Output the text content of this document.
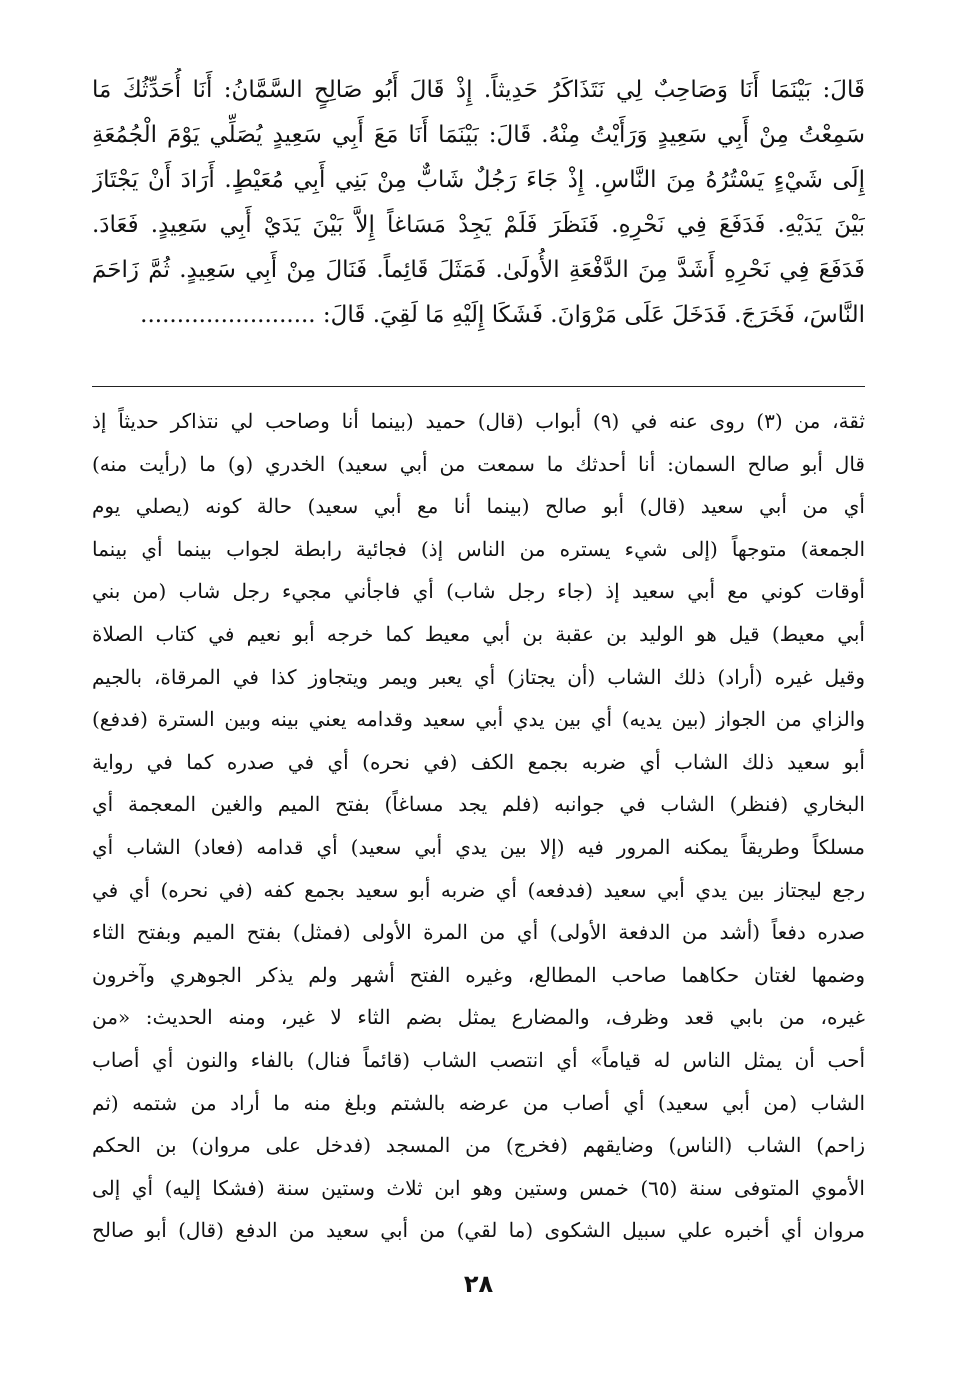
قَالَ: بَيْنَمَا أَنَا وَصَاحِبٌ لِي نَتَذَاكَرُ حَدِيثاً. إِذْ قَالَ أَبُو صَالِحٍ السَّمَّانُ: أَنَا أُحَدِّثُكَ مَا
سَمِعْتُ مِنْ أَبِي سَعِيدٍ وَرَأَيْتُ مِنْهُ. قَالَ: بَيْنَمَا أَنَا مَعَ أَبِي سَعِيدٍ يُصَلِّي يَوْمَ الْجُمُعَةِ
إِلَى شَيْءٍ يَسْتُرُهُ مِنَ النَّاسِ. إِذْ جَاءَ رَجُلٌ شَابٌّ مِنْ بَنِي أَبِي مُعَيْطٍ. أَرَادَ أَنْ يَجْتَازَ
بَيْنَ يَدَيْهِ. فَدَفَعَ فِي نَحْرِهِ. فَنَظَرَ فَلَمْ يَجِدْ مَسَاغاً إِلاَّ بَيْنَ يَدَيْ أَبِي سَعِيدٍ. فَعَادَ.
فَدَفَعَ فِي نَحْرِهِ أَشَدَّ مِنَ الدَّفْعَةِ الأُولَىٰ. فَمَثَلَ قَائِماً. فَنَالَ مِنْ أَبِي سَعِيدٍ. ثُمَّ زَاحَمَ
النَّاسَ، فَخَرَجَ. فَدَخَلَ عَلَى مَرْوَانَ. فَشَكَا إِلَيْهِ مَا لَقِيَ. قَالَ: ........................
ثقة، من (٣) روى عنه في (٩) أبواب (قال) حميد (بينما أنا وصاحب لي نتذاكر حديثاً إذ
قال أبو صالح السمان: أنا أحدثك ما سمعت من أبي سعيد) الخدري (و) ما (رأيت منه)
أي من أبي سعيد (قال) أبو صالح (بينما أنا مع أبي سعيد) حالة كونه (يصلي يوم
الجمعة) متوجهاً (إلى شيء يستره من الناس إذ) فجائية رابطة لجواب بينما أي بينما
أوقات كوني مع أبي سعيد إذ (جاء رجل شاب) أي فاجأني مجيء رجل شاب (من بني
أبي معيط) قيل هو الوليد بن عقبة بن أبي معيط كما خرجه أبو نعيم في كتاب الصلاة
وقيل غيره (أراد) ذلك الشاب (أن يجتاز) أي يعبر ويمر ويتجاوز كذا في المرقاة، بالجيم
والزاي من الجواز (بين يديه) أي بين يدي أبي سعيد وقدامه يعني بينه وبين السترة (فدفع)
أبو سعيد ذلك الشاب أي ضربه بجمع الكف (في نحره) أي في صدره كما في رواية
البخاري (فنظر) الشاب في جوانبه (فلم يجد مساغاً) بفتح الميم والغين المعجمة أي
مسلكاً وطريقاً يمكنه المرور فيه (إلا بين يدي أبي سعيد) أي قدامه (فعاد) الشاب أي
رجع ليجتاز بين يدي أبي سعيد (فدفعه) أي ضربه أبو سعيد بجمع كفه (في نحره) أي في
صدره دفعاً (أشد من الدفعة الأولى) أي من المرة الأولى (فمثل) بفتح الميم وبفتح الثاء
وضمها لغتان حكاهما صاحب المطالع، وغيره الفتح أشهر ولم يذكر الجوهري وآخرون
غيره، من بابي قعد وظرف، والمضارع يمثل بضم الثاء لا غير، ومنه الحديث: «من
أحب أن يمثل الناس له قياماً» أي انتصب الشاب (قائماً فنال) بالفاء والنون أي أصاب
الشاب (من أبي سعيد) أي أصاب من عرضه بالشتم وبلغ منه ما أراد من شتمه (ثم
زاحم) الشاب (الناس) وضايقهم (فخرج) من المسجد (فدخل على مروان) بن الحكم
الأموي المتوفى سنة (٦٥) خمس وستين وهو ابن ثلاث وستين سنة (فشكا إليه) أي إلى
مروان أي أخبره علي سبيل الشكوى (ما لقي) من أبي سعيد من الدفع (قال) أبو صالح
٢٨
